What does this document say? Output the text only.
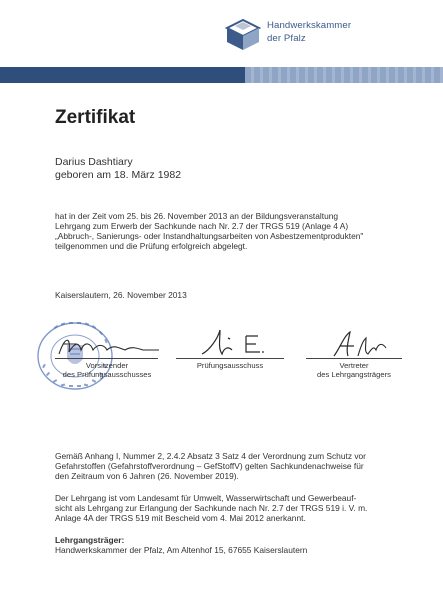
Handwerkskammer
der Pfalz
Zertifikat
Darius Dashtiary
geboren am 18. März 1982
hat in der Zeit vom 25. bis 26. November 2013 an der Bildungsveranstaltung
Lehrgang zum Erwerb der Sachkunde nach Nr. 2.7 der TRGS 519 (Anlage 4 A)
„Abbruch-, Sanierungs- oder Instandhaltungsarbeiten von Asbestzementprodukten"
teilgenommen und die Prüfung erfolgreich abgelegt.
Kaiserslautern, 26. November 2013
Vorsitzender
des Prüfungsausschusses
Prüfungsausschuss	Vertreter
des Lehrgangsträgers
Gemäß Anhang I, Nummer 2, 2.4.2 Absatz 3 Satz 4 der Verordnung zum Schutz vor
Gefahrstoffen (Gefahrstoffverordnung – GefStoffV) gelten Sachkundenachweise für
den Zeitraum von 6 Jahren (26. November 2019).
Der Lehrgang ist vom Landesamt für Umwelt, Wasserwirtschaft und Gewerbeauf-
sicht als Lehrgang zur Erlangung der Sachkunde nach Nr. 2.7 der TRGS 519 i. V. m.
Anlage 4A der TRGS 519 mit Bescheid vom 4. Mai 2012 anerkannt.
Lehrgangsträger:
Handwerkskammer der Pfalz, Am Altenhof 15, 67655 Kaiserslautern
